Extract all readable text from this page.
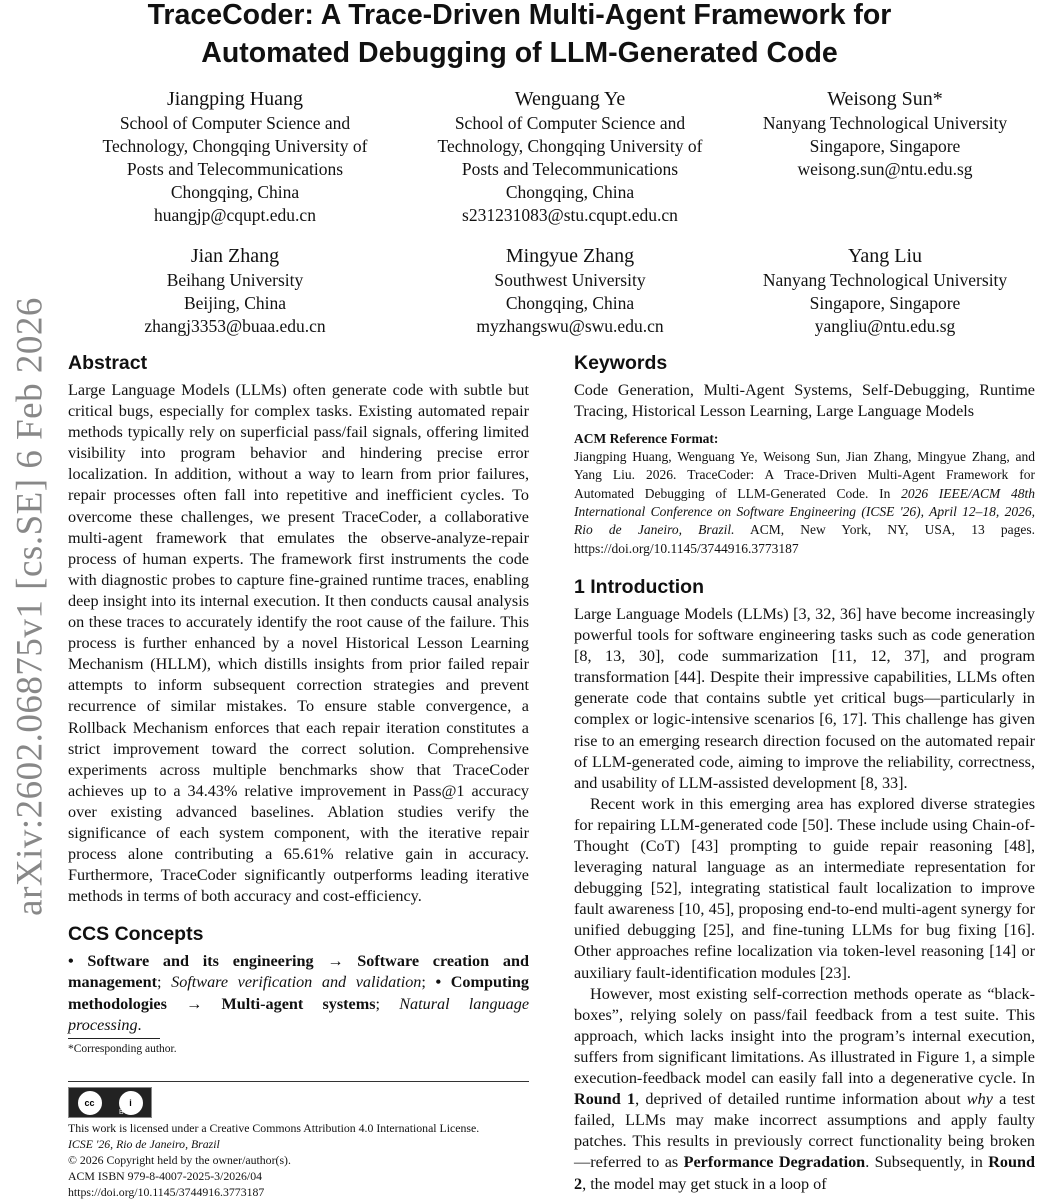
TraceCoder: A Trace-Driven Multi-Agent Framework for
Automated Debugging of LLM-Generated Code
arXiv:2602.06875v1 [cs.SE] 6 Feb 2026
Jiangping Huang
School of Computer Science and
Technology, Chongqing University of
Posts and Telecommunications
Chongqing, China
huangjp@cqupt.edu.cn
Wenguang Ye
School of Computer Science and
Technology, Chongqing University of
Posts and Telecommunications
Chongqing, China
s231231083@stu.cqupt.edu.cn
Weisong Sun*
Nanyang Technological University
Singapore, Singapore
weisong.sun@ntu.edu.sg
Jian Zhang
Beihang University
Beijing, China
zhangj3353@buaa.edu.cn
Mingyue Zhang
Southwest University
Chongqing, China
myzhangswu@swu.edu.cn
Yang Liu
Nanyang Technological University
Singapore, Singapore
yangliu@ntu.edu.sg
Abstract

Large Language Models (LLMs) often generate code with subtle but critical bugs, especially for complex tasks. Existing automated repair methods typically rely on superficial pass/fail signals, offering limited visibility into program behavior and hindering precise error localization. In addition, without a way to learn from prior failures, repair processes often fall into repetitive and inefficient cycles. To overcome these challenges, we present TraceCoder, a collaborative multi-agent framework that emulates the observe-analyze-repair process of human experts. The framework first instruments the code with diagnostic probes to capture fine-grained runtime traces, enabling deep insight into its internal execution. It then conducts causal analysis on these traces to accurately identify the root cause of the failure. This process is further enhanced by a novel Historical Lesson Learning Mechanism (HLLM), which distills insights from prior failed repair attempts to inform subsequent correction strategies and prevent recurrence of similar mistakes. To ensure stable convergence, a Rollback Mechanism enforces that each repair iteration constitutes a strict improvement toward the correct solution. Comprehensive experiments across multiple benchmarks show that TraceCoder achieves up to a 34.43% relative improvement in Pass@1 accuracy over existing advanced baselines. Ablation studies verify the significance of each system component, with the iterative repair process alone contributing a 65.61% relative gain in accuracy. Furthermore, TraceCoder significantly outperforms leading iterative methods in terms of both accuracy and cost-efficiency.

CCS Concepts

• Software and its engineering → Software creation and management; Software verification and validation; • Computing methodologies → Multi-agent systems; Natural language processing.

*Corresponding author.
cc	i
BY
This work is licensed under a Creative Commons Attribution 4.0 International License.
ICSE '26, Rio de Janeiro, Brazil
© 2026 Copyright held by the owner/author(s).
ACM ISBN 979-8-4007-2025-3/2026/04
https://doi.org/10.1145/3744916.3773187
Keywords

Code Generation, Multi-Agent Systems, Self-Debugging, Runtime Tracing, Historical Lesson Learning, Large Language Models

ACM Reference Format:

Jiangping Huang, Wenguang Ye, Weisong Sun, Jian Zhang, Mingyue Zhang, and Yang Liu. 2026. TraceCoder: A Trace-Driven Multi-Agent Framework for Automated Debugging of LLM-Generated Code. In 2026 IEEE/ACM 48th International Conference on Software Engineering (ICSE '26), April 12–18, 2026, Rio de Janeiro, Brazil. ACM, New York, NY, USA, 13 pages. https://doi.org/10.1145/3744916.3773187

1 Introduction

Large Language Models (LLMs) [3, 32, 36] have become increasingly powerful tools for software engineering tasks such as code generation [8, 13, 30], code summarization [11, 12, 37], and program transformation [44]. Despite their impressive capabilities, LLMs often generate code that contains subtle yet critical bugs—particularly in complex or logic-intensive scenarios [6, 17]. This challenge has given rise to an emerging research direction focused on the automated repair of LLM-generated code, aiming to improve the reliability, correctness, and usability of LLM-assisted development [8, 33].

Recent work in this emerging area has explored diverse strategies for repairing LLM-generated code [50]. These include using Chain-of-Thought (CoT) [43] prompting to guide repair reasoning [48], leveraging natural language as an intermediate representation for debugging [52], integrating statistical fault localization to improve fault awareness [10, 45], proposing end-to-end multi-agent synergy for unified debugging [25], and fine-tuning LLMs for bug fixing [16]. Other approaches refine localization via token-level reasoning [14] or auxiliary fault-identification modules [23].

However, most existing self-correction methods operate as “black-boxes”, relying solely on pass/fail feedback from a test suite. This approach, which lacks insight into the program’s internal execution, suffers from significant limitations. As illustrated in Figure 1, a simple execution-feedback model can easily fall into a degenerative cycle. In Round 1, deprived of detailed runtime information about why a test failed, LLMs may make incorrect assumptions and apply faulty patches. This results in previously correct functionality being broken—referred to as Performance Degradation. Subsequently, in Round 2, the model may get stuck in a loop of
